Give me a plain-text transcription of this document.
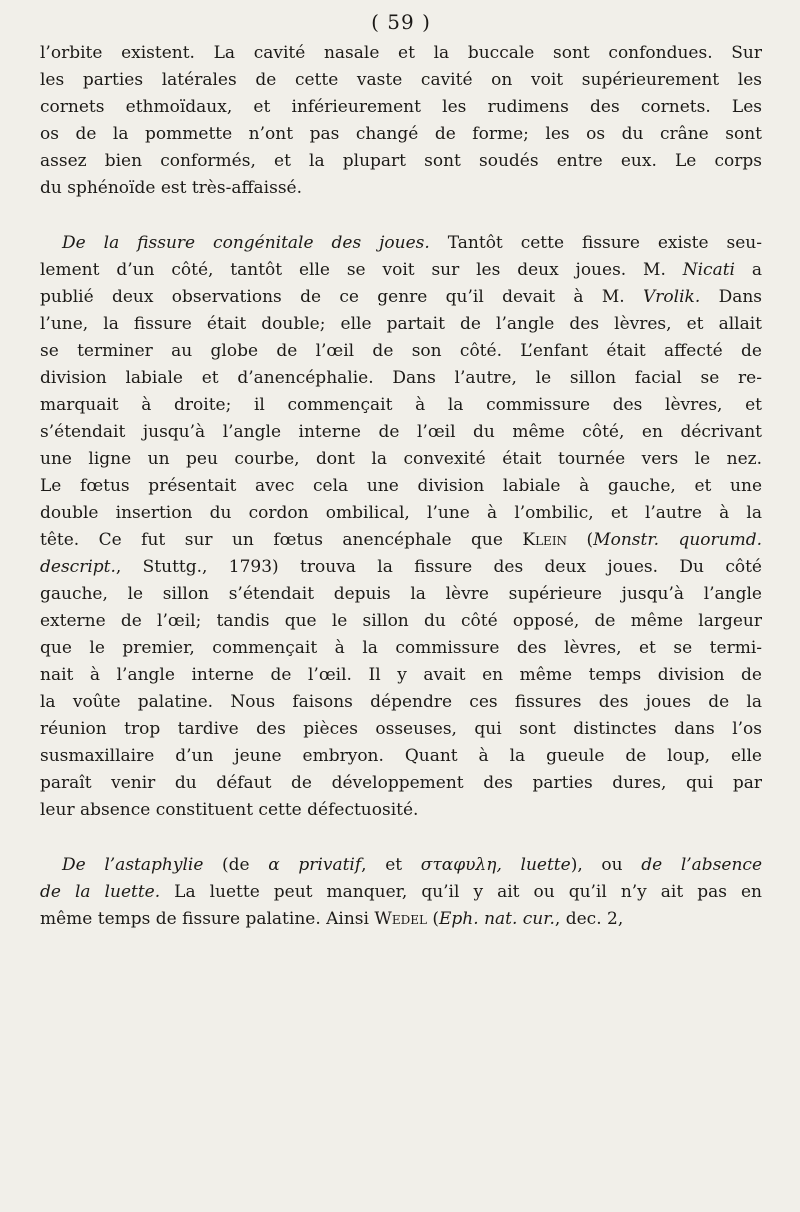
( 59 )
l’orbite existent. La cavité nasale et la buccale sont confondues. Sur
les parties latérales de cette vaste cavité on voit supérieurement les
cornets ethmoïdaux, et inférieurement les rudimens des cornets. Les
os de la pommette n’ont pas changé de forme; les os du crâne sont
assez bien conformés, et la plupart sont soudés entre eux. Le corps
du sphénoïde est très-affaissé.
De la fissure congénitale des joues. Tantôt cette fissure existe seu-
lement d’un côté, tantôt elle se voit sur les deux joues. M. Nicati a
publié deux observations de ce genre qu’il devait à M. Vrolik. Dans
l’une, la fissure était double; elle partait de l’angle des lèvres, et allait
se terminer au globe de l’œil de son côté. L’enfant était affecté de
division labiale et d’anencéphalie. Dans l’autre, le sillon facial se re-
marquait à droite; il commençait à la commissure des lèvres, et
s’étendait jusqu’à l’angle interne de l’œil du même côté, en décrivant
une ligne un peu courbe, dont la convexité était tournée vers le nez.
Le fœtus présentait avec cela une division labiale à gauche, et une
double insertion du cordon ombilical, l’une à l’ombilic, et l’autre à la
tête. Ce fut sur un fœtus anencéphale que Klein (Monstr. quorumd.
descript., Stuttg., 1793) trouva la fissure des deux joues. Du côté
gauche, le sillon s’étendait depuis la lèvre supérieure jusqu’à l’angle
externe de l’œil; tandis que le sillon du côté opposé, de même largeur
que le premier, commençait à la commissure des lèvres, et se termi-
nait à l’angle interne de l’œil. Il y avait en même temps division de
la voûte palatine. Nous faisons dépendre ces fissures des joues de la
réunion trop tardive des pièces osseuses, qui sont distinctes dans l’os
susmaxillaire d’un jeune embryon. Quant à la gueule de loup, elle
paraît venir du défaut de développement des parties dures, qui par
leur absence constituent cette défectuosité.
De l’astaphylie (de α privatif, et σταφυλη, luette), ou de l’absence
de la luette. La luette peut manquer, qu’il y ait ou qu’il n’y ait pas en
même temps de fissure palatine. Ainsi Wedel (Eph. nat. cur., dec. 2,
